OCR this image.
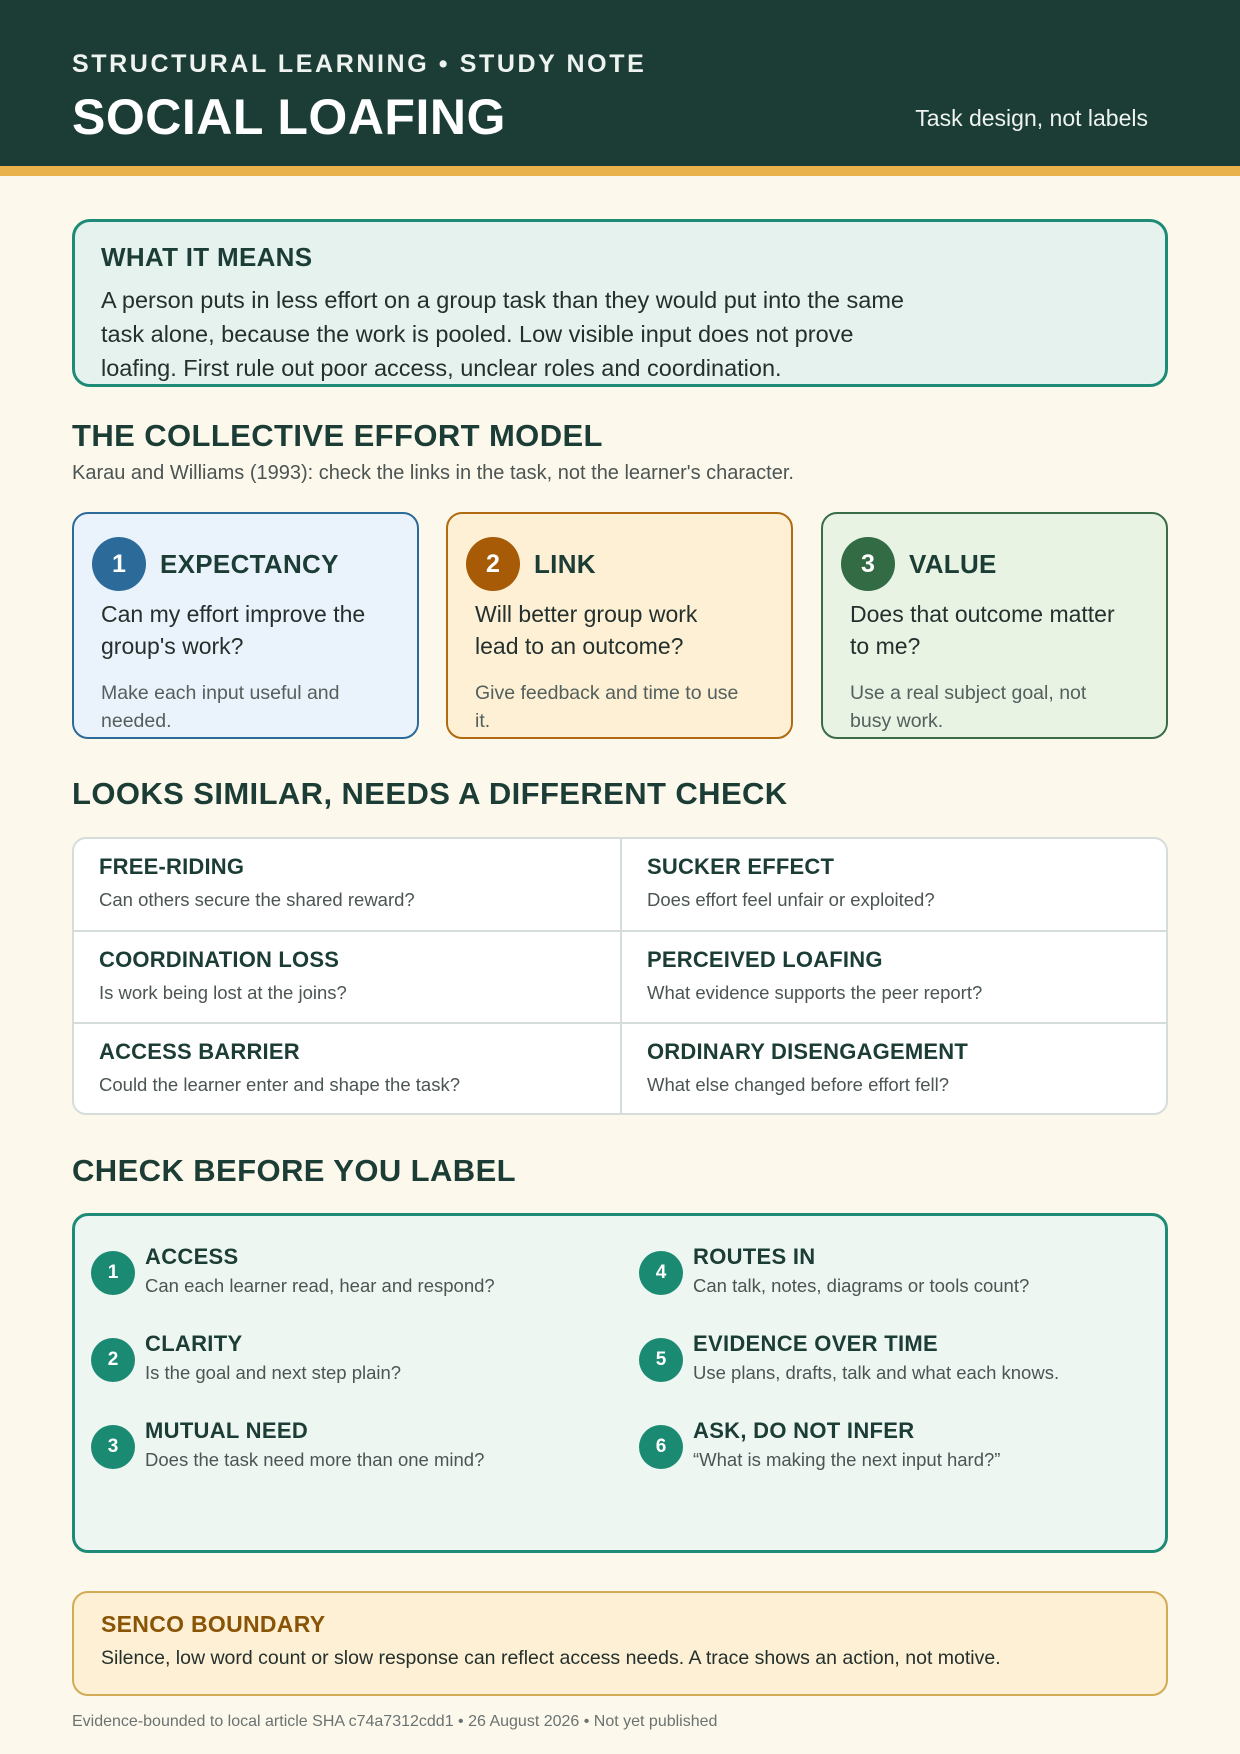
STRUCTURAL LEARNING • STUDY NOTE
SOCIAL LOAFING	Task design, not labels
WHAT IT MEANS

A person puts in less effort on a group task than they would put into the same task alone, because the work is pooled. Low visible input does not prove loafing. First rule out poor access, unclear roles and coordination.

THE COLLECTIVE EFFORT MODEL
Karau and Williams (1993): check the links in the task, not the learner's character.
1	EXPECTANCY
Can my effort improve the group's work?
Make each input useful and needed.
2	LINK
Will better group work lead to an outcome?
Give feedback and time to use it.
3	VALUE
Does that outcome matter to me?
Use a real subject goal, not busy work.
LOOKS SIMILAR, NEEDS A DIFFERENT CHECK
FREE-RIDING
Can others secure the shared reward?
SUCKER EFFECT
Does effort feel unfair or exploited?
COORDINATION LOSS
Is work being lost at the joins?
PERCEIVED LOAFING
What evidence supports the peer report?
ACCESS BARRIER
Could the learner enter and shape the task?
ORDINARY DISENGAGEMENT
What else changed before effort fell?
CHECK BEFORE YOU LABEL
1
ACCESS
Can each learner read, hear and respond?
2
CLARITY
Is the goal and next step plain?
3
MUTUAL NEED
Does the task need more than one mind?
4
ROUTES IN
Can talk, notes, diagrams or tools count?
5
EVIDENCE OVER TIME
Use plans, drafts, talk and what each knows.
6
ASK, DO NOT INFER
“What is making the next input hard?”
SENCO BOUNDARY

Silence, low word count or slow response can reflect access needs. A trace shows an action, not motive.

Evidence-bounded to local article SHA c74a7312cdd1 • 26 August 2026 • Not yet published
